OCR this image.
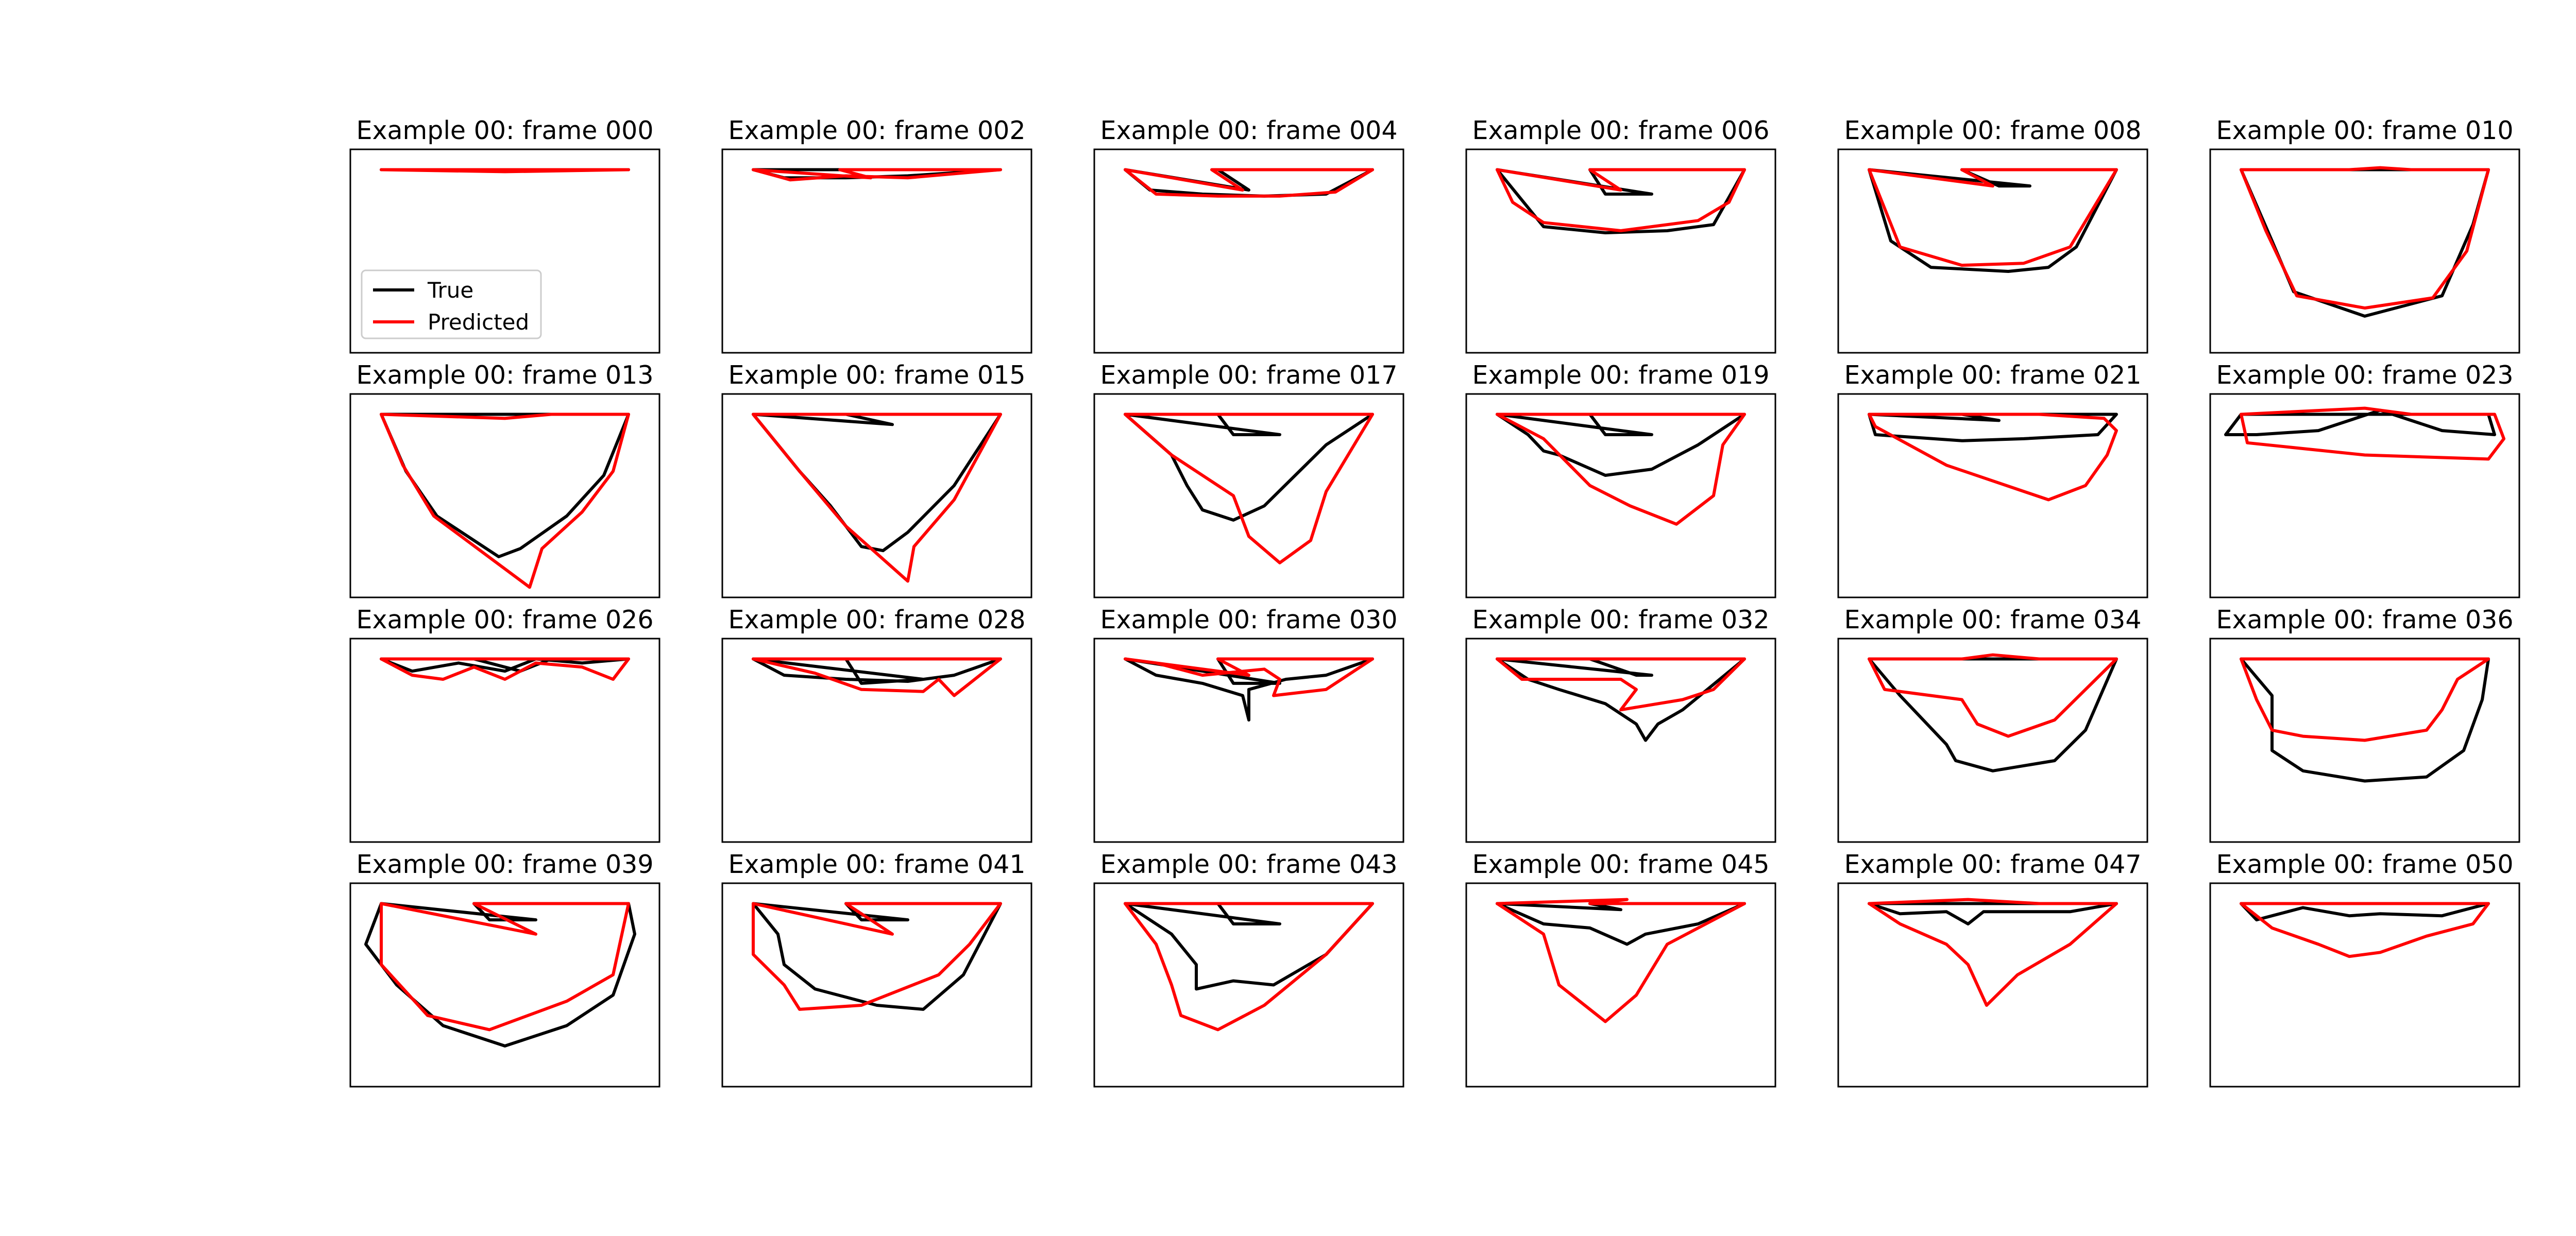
Example 00: frame 000	Example 00: frame 002	Example 00: frame 004	Example 00: frame 006	Example 00: frame 008	Example 00: frame 010
Example 00: frame 013	Example 00: frame 015	Example 00: frame 017	Example 00: frame 019	Example 00: frame 021	Example 00: frame 023
Example 00: frame 026	Example 00: frame 028	Example 00: frame 030	Example 00: frame 032	Example 00: frame 034	Example 00: frame 036
Example 00: frame 039	Example 00: frame 041	Example 00: frame 043	Example 00: frame 045	Example 00: frame 047	Example 00: frame 050
True
Predicted
